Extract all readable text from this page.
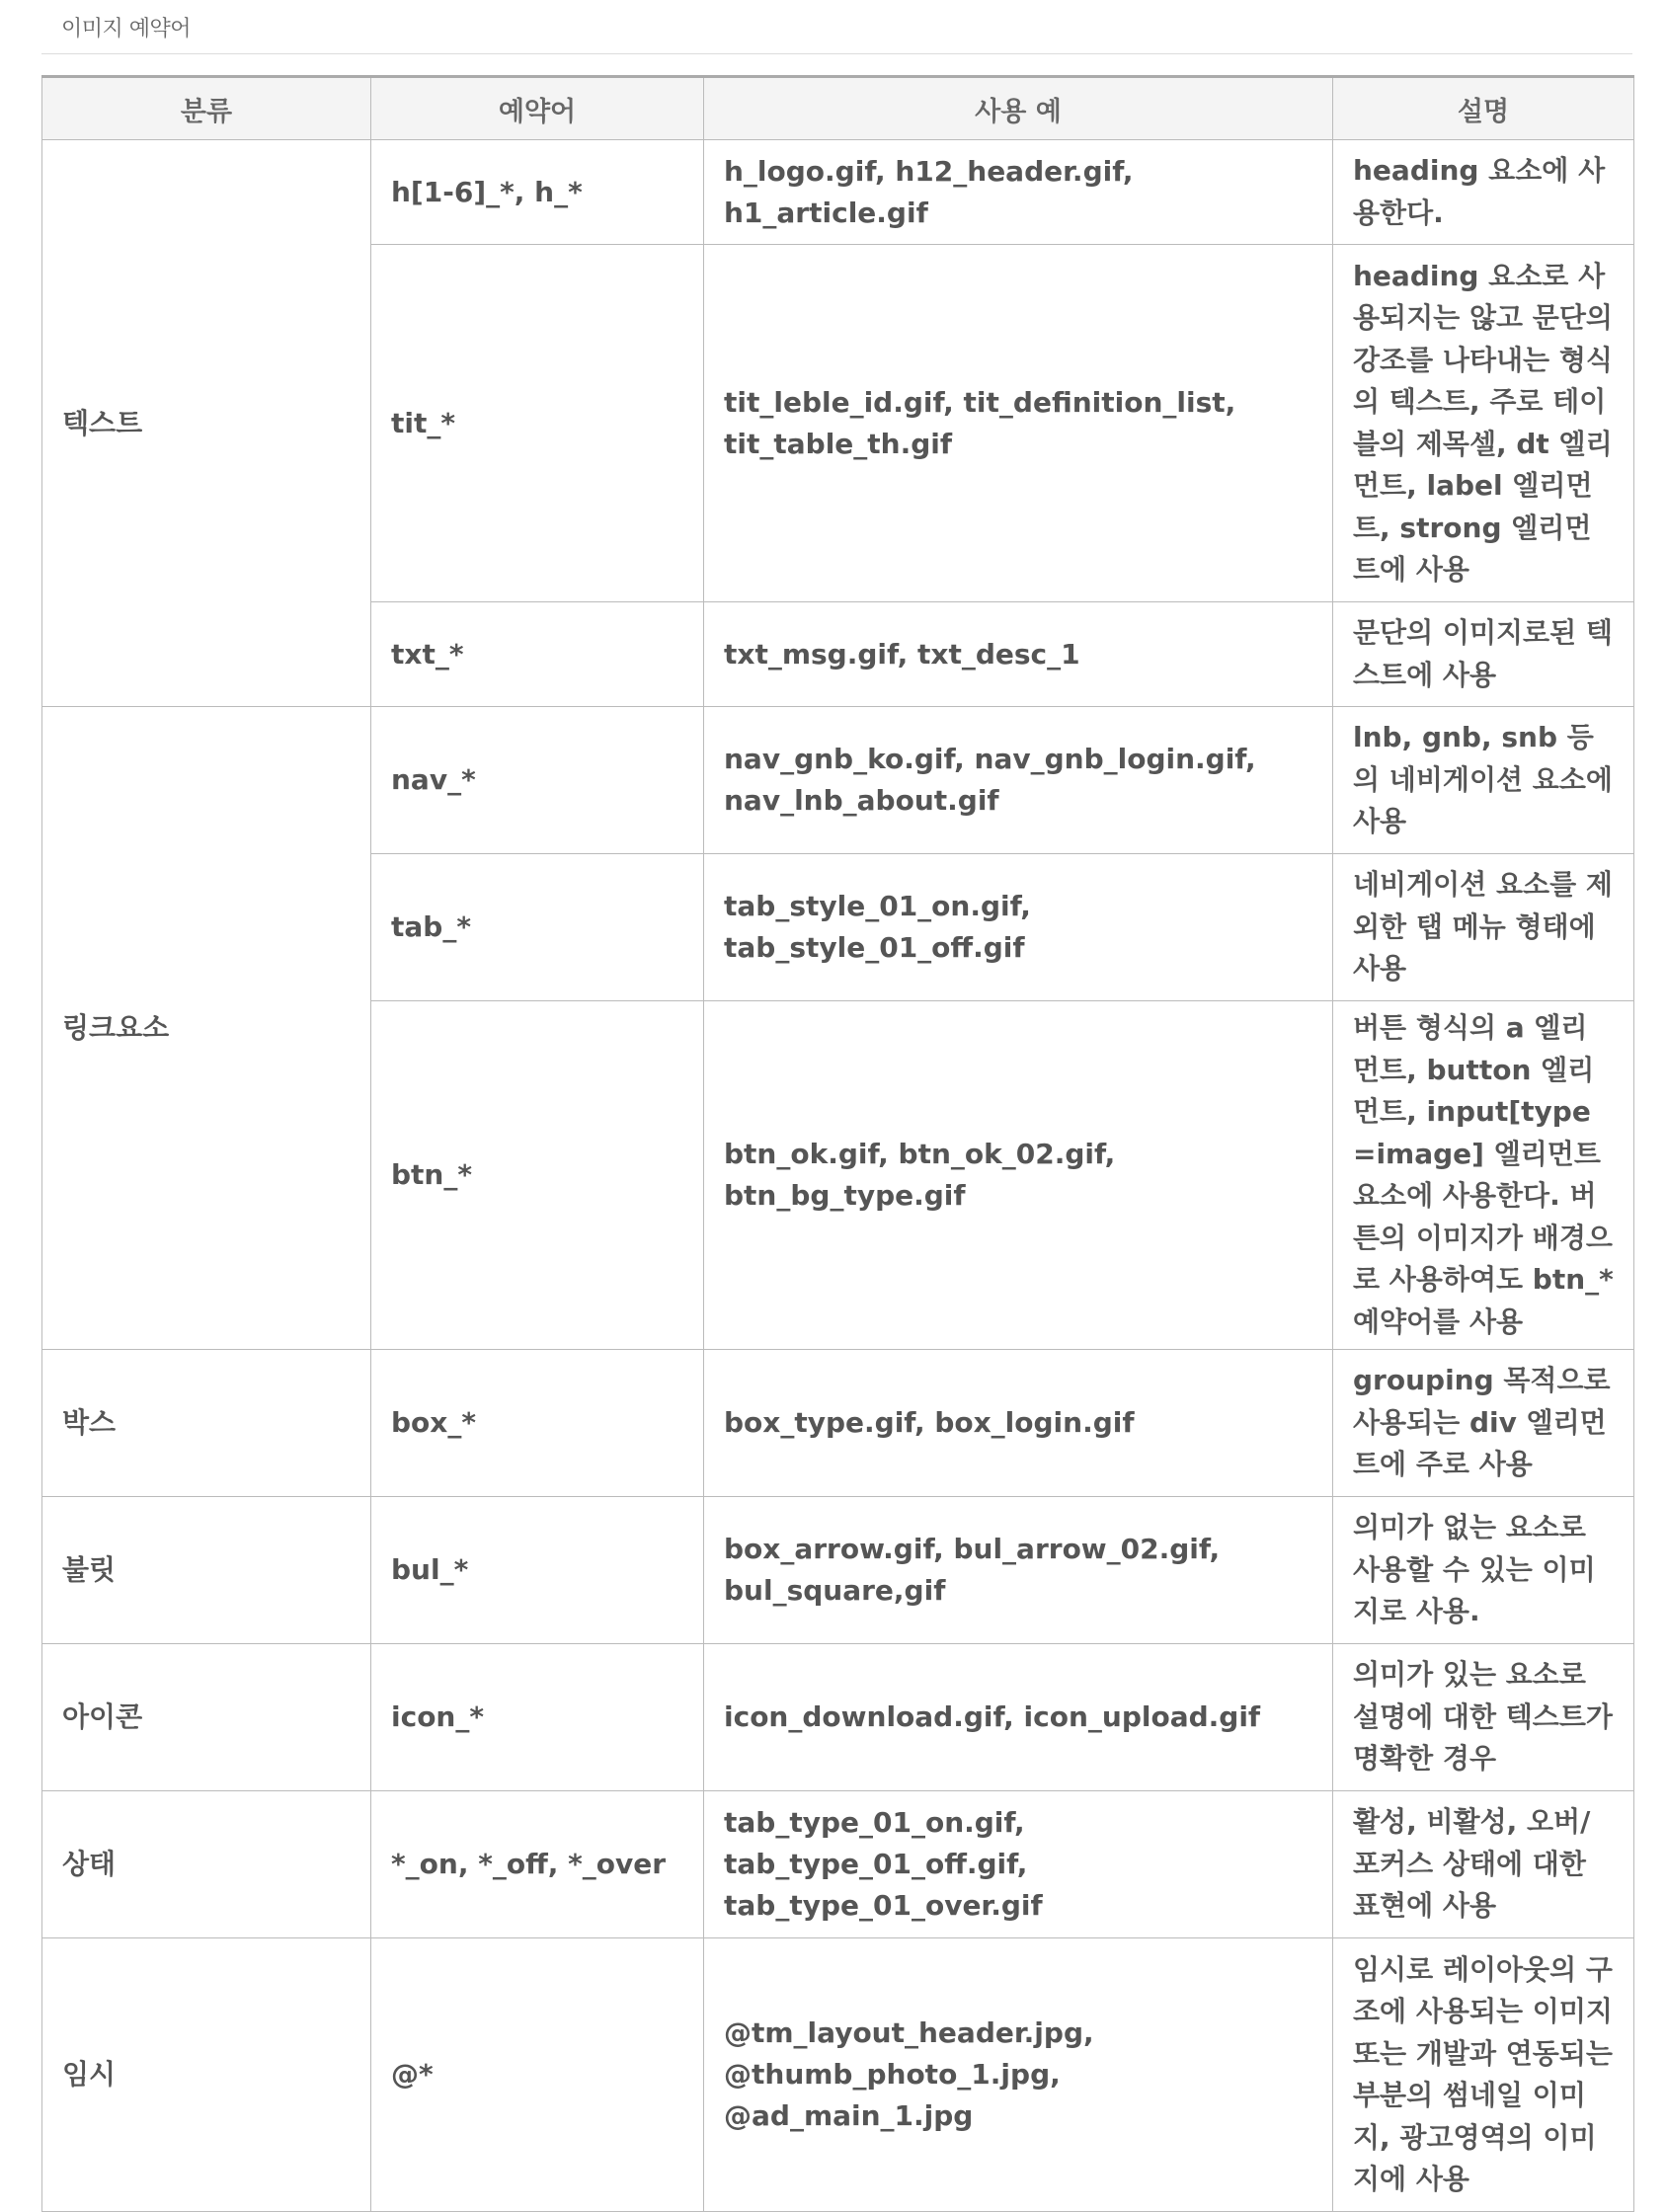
이미지 예약어
분류	예약어	사용 예	설명
텍스트	h[1-6]_*, h_*	h_logo.gif, h12_header.gif, h1_article.gif	heading 요소에 사용한다.
	tit_*	tit_leble_id.gif, tit_definition_list, tit_table_th.gif	heading 요소로 사용되지는 않고 문단의 강조를 나타내는 형식의 텍스트, 주로 테이블의 제목셀, dt 엘리먼트, label 엘리먼트, strong 엘리먼트에 사용
	txt_*	txt_msg.gif, txt_desc_1	문단의 이미지로된 텍스트에 사용
링크요소	nav_*	nav_gnb_ko.gif, nav_gnb_login.gif, nav_lnb_about.gif	lnb, gnb, snb 등의 네비게이션 요소에 사용
	tab_*	tab_style_01_on.gif, tab_style_01_off.gif	네비게이션 요소를 제외한 탭 메뉴 형태에 사용
	btn_*	btn_ok.gif, btn_ok_02.gif, btn_bg_type.gif	버튼 형식의 a 엘리먼트, button 엘리먼트, input[type=image] 엘리먼트 요소에 사용한다. 버튼의 이미지가 배경으로 사용하여도 btn_* 예약어를 사용
박스	box_*	box_type.gif, box_login.gif	grouping 목적으로 사용되는 div 엘리먼트에 주로 사용
불릿	bul_*	box_arrow.gif, bul_arrow_02.gif, bul_square,gif	의미가 없는 요소로 사용할 수 있는 이미지로 사용.
아이콘	icon_*	icon_download.gif, icon_upload.gif	의미가 있는 요소로 설명에 대한 텍스트가 명확한 경우
상태	*_on, *_off, *_over	tab_type_01_on.gif, tab_type_01_off.gif, tab_type_01_over.gif	활성, 비활성, 오버/포커스 상태에 대한 표현에 사용
임시	@*	@tm_layout_header.jpg, @thumb_photo_1.jpg, @ad_main_1.jpg	임시로 레이아웃의 구조에 사용되는 이미지 또는 개발과 연동되는 부분의 썸네일 이미지, 광고영역의 이미지에 사용
